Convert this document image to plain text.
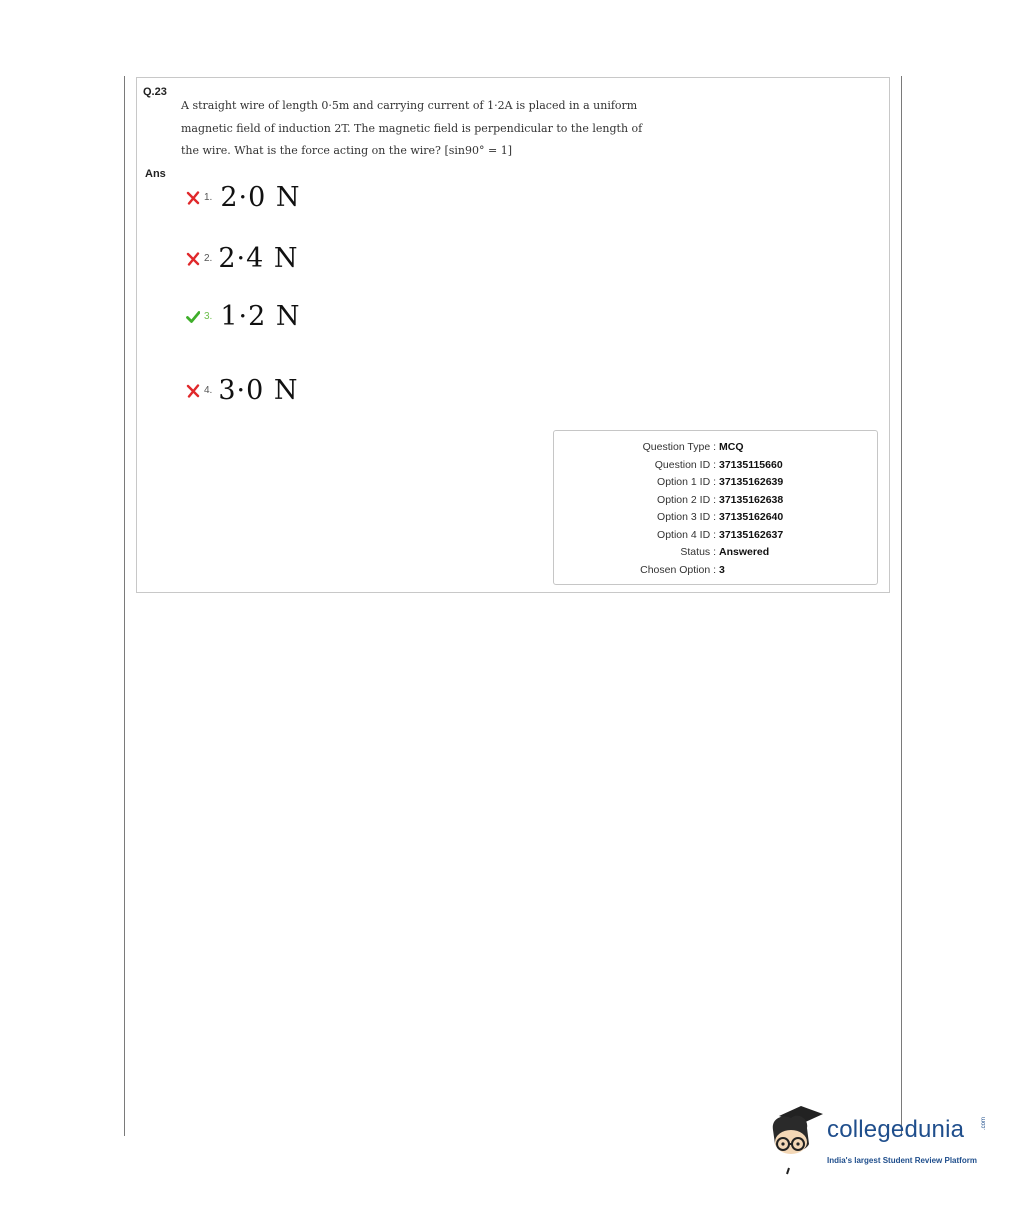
Q.23
A straight wire of length 0·5m and carrying current of 1·2A is placed in a uniform
magnetic field of induction 2T. The magnetic field is perpendicular to the length of
the wire. What is the force acting on the wire? [sin90° = 1]
Ans
1. 2·0 N
2. 2·4 N
3. 1·2 N
4. 3·0 N
Question Type : MCQ
Question ID : 37135115660
Option 1 ID : 37135162639
Option 2 ID : 37135162638
Option 3 ID : 37135162640
Option 4 ID : 37135162637
Status : Answered
Chosen Option : 3
collegedunia	.com
India's largest Student Review Platform
